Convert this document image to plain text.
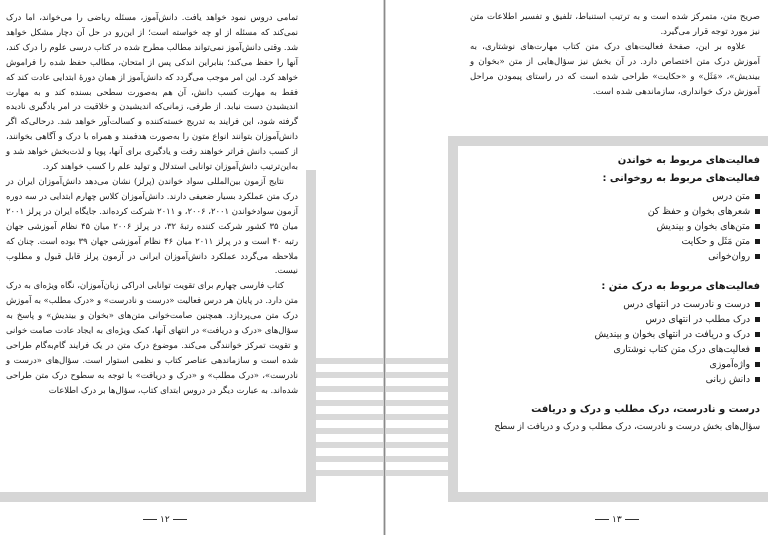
تمامی دروس نمود خواهد یافت. دانش‌آموز، مسئله ریاضی را می‌خواند، اما درک نمی‌کند که مسئله از او چه خواسته است؛ از این‌رو در حل آن دچار مشکل خواهد شد. وقتی دانش‌آموز نمی‌تواند مطالب مطرح شده در کتاب درسی علوم را درک کند، آنها را حفظ می‌کند؛ بنابراین اندکی پس از امتحان، مطالب حفظ شده را فراموش خواهد کرد. این امر موجب می‌گردد که دانش‌آموز از همان دورهٔ ابتدایی عادت کند که فقط به مهارت کسب دانش، آن هم به‌صورت سطحی بسنده کند و به مهارت اندیشیدن دست نیابد. از طرفی، زمانی‌که اندیشیدن و خلاقیت در امر یادگیری نادیده گرفته شود، این فرایند به تدریج خسته‌کننده و کسالت‌آور خواهد شد. درحالی‌که اگر دانش‌آموزان بتوانند انواع متون را به‌صورت هدفمند و همراه با درک و آگاهی بخوانند، از کسب دانش فراتر خواهند رفت و یادگیری برای آنها، پویا و لذت‌بخش خواهد شد و به‌این‌ترتیب دانش‌آموزان توانایی استدلال و تولید علم را کسب خواهند کرد.

نتایج آزمون بین‌المللی سواد خواندن (پرلز) نشان می‌دهد دانش‌آموزان ایران در درک متن عملکرد بسیار ضعیفی دارند. دانش‌آموزان کلاس چهارم ابتدایی در سه دوره آزمون سوادخواندن ۲۰۰۱، ۲۰۰۶، و ۲۰۱۱ شرکت کرده‌اند. جایگاه ایران در پرلز ۲۰۰۱ میان ۳۵ کشور شرکت کننده رتبهٔ ۳۲، در پرلز ۲۰۰۶ میان ۴۵ نظام آموزشی جهان رتبه ۴۰ است و در پرلز ۲۰۱۱ میان ۴۶ نظام آموزشی جهان ۳۹ بوده است. چنان که ملاحظه می‌گردد عملکرد دانش‌آموزان ایرانی در آزمون پرلز قابل قبول و مطلوب نیست.

کتاب فارسی چهارم برای تقویت توانایی ادراکی زبان‌آموزان، نگاه ویژه‌ای به درک متن دارد. در پایان هر درس فعالیت «درست و نادرست» و «درک مطلب» به آموزش درک متن می‌پردازد. همچنین صامت‌خوانی متن‌های «بخوان و بیندیش» و پاسخ به سؤال‌های «درک و دریافت» در انتهای آنها، کمک ویژه‌ای به ایجاد عادت صامت خوانی و تقویت تمرکز خوانندگی می‌کند. موضوع درک متن در یک فرایند گام‌به‌گام طراحی شده است و سازماندهی عناصر کتاب و نظمی استوار است. سؤال‌های «درست و نادرست»، «درک مطلب» و «درک و دریافت» با توجه به سطوح درک متن طراحی شده‌اند. به عبارت دیگر در دروس ابتدای کتاب، سؤال‌ها بر درک اطلاعات

۱۲

صریح متن، متمرکز شده است و به ترتیب استنباط، تلفیق و تفسیر اطلاعات متن نیز مورد توجه قرار می‌گیرد.

علاوه بر این، صفحهٔ فعالیت‌های درک متن کتاب مهارت‌های نوشتاری، به آموزش درک متن اختصاص دارد. در آن بخش نیز سؤال‌هایی از متن «بخوان و بیندیش»، «مَثَل» و «حکایت» طراحی شده است که در راستای پیمودن مراحل آموزش درک خوانداری، سازماندهی شده است.

فعالیت‌های مربوط به خواندن

فعالیت‌های مربوط به روخوانی :

متن درس
شعرهای بخوان و حفظ کن
متن‌های بخوان و بیندیش
متن مَثَل و حکایت
روان‌خوانی

فعالیت‌های مربوط به درک متن :

درست و نادرست در انتهای درس
درک مطلب در انتهای درس
درک و دریافت در انتهای بخوان و بیندیش
فعالیت‌های درک متن کتاب نوشتاری
واژه‌آموزی
دانش زبانی

درست و نادرست، درک مطلب و درک و دریافت

سؤال‌های بخش درست و نادرست، درک مطلب و درک و دریافت از سطح

۱۳
